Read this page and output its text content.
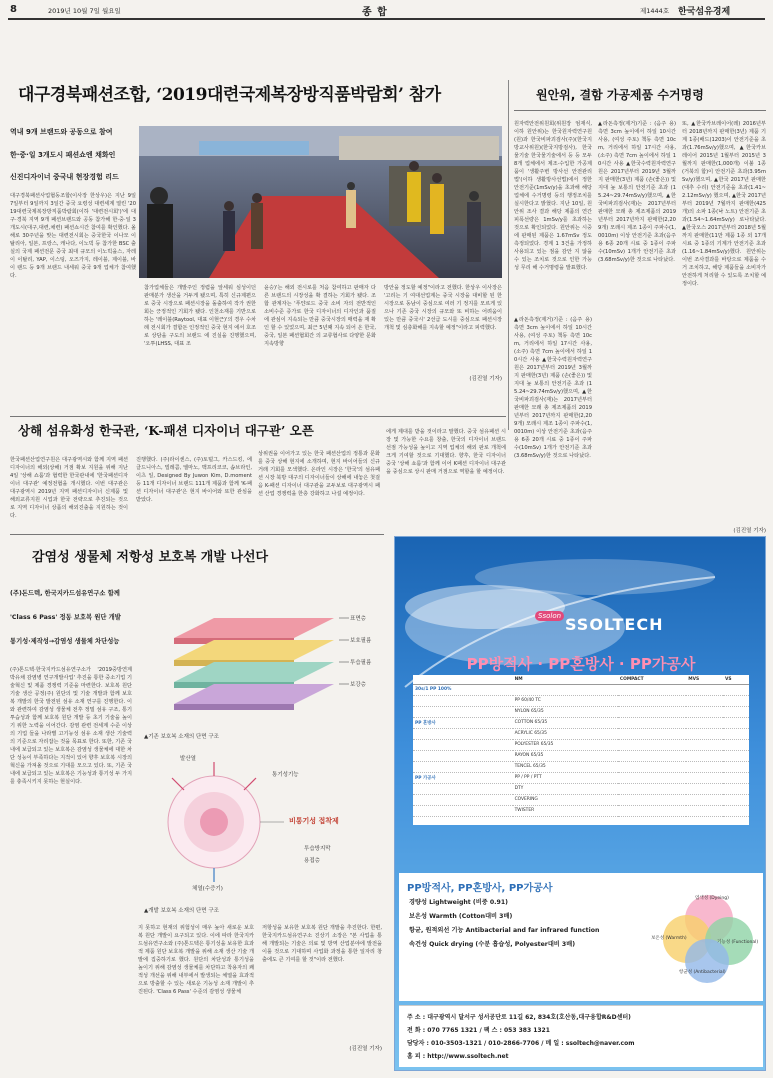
8	2019년 10월 7일 월요일	종 합	제1444호 한국섬유경제
대구경북패션조합, ‘2019대련국제복장방직품박람회’ 참가
역내 9개 브랜드와 공동으로 참여
한·중·일 3개도시 패션쇼엔 채화인
신진디자이너 중국내 현장경험 리드
대구경북패션사업협동조합(이사장 한상우)은 지난 9일 7일부터 9일까지 3일간 중국 요령성 대련세계 열린 '2019대련국제복장방직품박람회(이하 '대련전시회')'에 대구·경북 지역 9개 패션브랜드와 공동 참가해 한·중·일 3개도시(대구,대련,채련) 패션쇼시간 참여를 확인했다. 올해로 30주년을 맞는 대련전시회는 중국한국 이나모 이탈리아, 일본, 프랑스, 캐나다, 이노빅 등 참가한 BSC 출실의 국제 패션전문 중국 최대 규모의 이노빅을스, 자레이 이탈리, YAP, 이스팅, 오즈가지, 레이블, 제이블, 바이 랜드 등 9개 브랜드 내세워 중국 9개 업체가 참여했다.
참가업체들은 개발주인 정렴을 앞세워 심성이던 판매분가 생산을 거두게 됐으며, 특히 신규제편으로 중국 시장으로 패션시장을 돌출하여 작가 권한 회는 긍정적인 기회가 됐다. 인천소재를 기반으로 하는 '레이블(Raytool, 대표 이현근)'의 경우 수차례 전시회가 결합돈 인정적인 중국 현지 에서 호조로 상담을 구도의 브랜드 에 진실을 진행했으며, '오투(LHSS, 대표 조
윤승)'는 해외 전시로를 처음 참여하고 판매자 다른 브랜드의 시장성을 확 결하는 기회가 됐다. 조합 관계자는 '푸얀로드 중국 소비 자의 전반적인 소비수준 증가로 한국 디자이너의 디자인과 품질에 관심이 지속되는 만큼 중국시장의 매력을 재 확인 할 수 있었으며, 최근 5년째 지속 되어 온 한국, 중국, 일본 패션협회간 의 교류협사로 다양한 문화 지속방향
방안을 정도할 예정"이라고 전했다. 한상우 이사장은 '고리는 기 여대선업계는 중국 시장을 대비할 된 한 시장으로 동남이 중심으로 여러 기 정지를 모르게 있으나 기존 중국 시장의 규모와 또 비하는 어려움이 있는 만큼 중국시' 2선급 도시를 중심으로 패션시장 개척 및 심층화해를 지속할 예정"이라고 피력했다.
(김진열 기자)
원안위, 결함 가공제품 수거명령
원자력안전위원회(위원장 엄재식, 이하 원안위)는 한국원자력연구원(원)과 한국비파괴검사(주)(한국지방교사위원)(한국지방검사), 한국물기술 한국물기술에서 등 등 모두 8개 업체에서 제조·수입한 가공제품이 '생활주변 방사선 안전관리법'(이하 생활방사선법)에서 정한 안전기준(1mSv/y)을 초과해 해당 업체에 수거명령 등의 행정조치를 실시한다고 밝혔다. 지난 10일, 원안위 조사 결과 해당 제품의 연간피폭선량은 1mSv/y를 초과하는 것으로 확인되었다. 원안위는 시중에 판매된 제품은 1.67mSv 정도 측정되었다. 경계 1 3건을 가정하 사용되고 있는 점을 감안 지 않을 수 있는 조치로 것으로 인한 가능성 무리 해 수거명령을 발표했다.
▲라돈측정(제거)기준 : (음주 용) 측면 3cm 높이에서 하일 10시간 사용, (여성 주토) 책동 측면 10cm, 거리에서 하일 17시간 사용, (소주) 측면 7cm 높이에서 하일 10시간 사용 ▲한국수력원자력연구원은 2017년부터 2019년 3월까지 판매한(3년) 제품 (손(좋은)) 및 지대 높 보통의 안전기준 초과 (15.24~29.74mSv/y)했으며, ▲한국비파괴검사(재)는 2017년부터 판매한 모래 총 제조제품의 2019년부터 2017년까지 판매한(2,209개) 모래시 제조 1종이 주파수(1,0010m) 이상 안전기준 초과(음주용 6종 20개 시료 중 1종이 주파수(10mSv) 1개가 안전기준 초과(3.68mSv/y)한 것으로 나타났다.
또, ▲한국카브레이어(레) 2016년부터 2018년까지 판매한(3년) 제품 기계 1종(배드(1203)이 안전기준을 초과(1.76mSv/y)했으며, ▲한국카브레이어 2015년 1월부터 2015년 3월까지 판매한(1,000개) 이불 1종(거북의 합)이 안전기준 초과(3.95mSv/y)했으며, ▲한국 2017년 판매한(대추 수리) 안전기준을 초과(1.41~2.12mSv/y) 했으며, ▲한국 2017년부터 2019년 7월까지 판매한(425개)의 소파 1종(낙 노트) 안전기준 초과(1.54~1.64mSv/y) 로나타났다. ▲한국오스 2017년부터 2018년 5월까지 판매한(11만 제품 1종 외 17개 시료 중 1종의 기계가 안전기준 초과(1.16~1.84mSv/y)했다. 원안위는 이번 조사결과를 바탕으로 제품을 수거 조치하고, 해당 제품들을 소비자가 안전하게 처리할 수 있도록 조치할 예정이다.
▲라돈측정(제거)기준 : (음주 용) 측면 3cm 높이에서 하일 10시간 사용, (여성 주토) 책동 측면 10cm, 거리에서 하일 17시간 사용, (소주) 측면 7cm 높이에서 하일 10시간 사용 ▲한국수력원자력연구원은 2017년부터 2019년 3월까지 판매한(3년) 제품 (손(좋은)) 및 지대 높 보통의 안전기준 초과 (15.24~29.74mSv/y)했으며, ▲한국비파괴검사(재)는 2017년부터 판매한 모래 총 제조제품의 2019년부터 2017년까지 판매한(2,209개) 모래시 제조 1종이 주파수(1,0010m) 이상 안전기준 초과(음주용 6종 20개 시료 중 1종이 주파수(10mSv) 1개가 안전기준 초과(3.68mSv/y)한 것으로 나타났다.
(김진열 기자)
상해 섬유화성 한국관, ‘K-패션 디자이너 대구관’ 오픈
한국패션산업연구원은 대구광역시와 함께 지역 패션디자이너의 해외(상해) 거점 확보 지원을 위해 지난 4일 '상해 쇼룸'과 협력한 한국관내에 '한국패션디자이너 대구관' 예정전협을 개시했다. 이번 대구관은 대구광역시 2019년 지역 패션디자이너 신제품 및 해외교류지원 시업과 한국 전략으로 추진되는 것으로 지역 디자이너 상품의 해외진출을 지원하는 것이다.
진행했다. (주)라이센스, (주)토털그, 카스드킹, 에클드니아스, 빌레콤, 엘마노, 맥프리코코, 솜브라인, 이츠 일, Designed By Juwon Kim, D.moment 등 11개 디자이너 브랜드 111개 제품과 함께 'K-패션 디자이너 대구관'은 현지 바이어와 또한 관심을 받았다.
상위권을 이어가고 있는 한국 패션산업의 정통과 문화를 중국 상해 현지에 소개하며, 현지 바이어들의 신규 거래 기회를 모색했다. 온라인 시장은 '한국'의 섬유패션 시장 북방 대구의 디자이너들이 상해에 내놓은 첫걸음 K-패션 디자이너 대구관을 교두보로 대구광역시 패션 산업 경쟁력을 한층 강화하고 나설 예정이다.
에게 제대를 받을 것이라고 말했다. 중국 섬유패션 시장 및 가능한 수요를 창출, 한국의 디자이너 브랜드 선점 가능성을 높이고 지역 업체의 해외 판로 개척에 크게 기여할 것으로 기대했다. 향후, 한국 디자이너 중국 '상해 쇼룸'과 함께 이어 K패션 디자이너 대구관을 중심으로 상시 판매 거점으로 역할을 할 예정이다.
감염성 생물체 저항성 보호복 개발 나선다
(주)돈드텍, 한국지카드섬유연구소 함께
'Class 6 Pass' 정동 보호복 원단 개발
통기성·제작성→감염성 생물체 차단성능
(주)톤드텍·한국지카드섬유연구소가 '2019중방연계 박유채 감염병 연구개발사업' 추진을 통한 중소기업 기술혁신 및 제품 경쟁력 기준을 마련한다. 보호복 원단 기술 생산 공정(주) 원단의 및 기술 개발과 함께 보호복 개발의 한국 발전된 섬유 소재 연구를 진행한다. 이와 관련하여 감염성 생물체 전후 정밀 섬유 구조, 통기 투습성과 함께 보호복 원단 개발 등 초기 기술을 높이기 위한 노력을 이어간다. 감염 관련 전세계 수준 이상의 기업 들을 나라별 고기능성 섬유 소재 생산 기술력의 기준으로 자리잡는 것을 목표로 한다. 또한, 기존 국내에 보급되고 있는 보호복은 감염성 생물체에 대한 차단 성능이 부족하다는 지적이 있어 향후 보호복 시장의 혁신을 가져올 것으로 기대를 모으고 있다. 또, 기존 국내에 보급되고 있는 보호복은 기능성과 통기성 두 가지를 충족시키지 못하는 현실이다.
표면층
보호필름
투습필름
보강층
▲기존 보호복 소재의 단면 구조
통기성기능
비통기성 접착제
투습방지막
용접층
체열(수증기)
발산열
▲개발 보호복 소재의 단면 구조
지 못하고 현재의 위험성이 매우 높아 새로운 보호복 원단 개발이 요구되고 있다. 이에 따라 한국지카드섬유연구소와 (주)톤드텍은 통기성을 보유한 효과적 제품 원단 보호복 개발을 위해 소재 생산 기술 개발에 집중하기로 했다. 원단의 차단성과 통기성을 높이기 위해 감염성 생물체를 차단하고 착용자의 쾌적성 개선을 위해 내부에서 발생되는 체열을 효과적으로 방출할 수 있는 새로운 기능성 소재 개발이 추진된다. 'Class 6 Pass' 수준의 감염성 생물체
저항성을 보유한 보호복 원단 개발을 추진한다. 한편, 한국지카드섬유연구소 진상기 소장은 "본 사업을 통해 개발되는 기술은 의료 및 방역 산업분야에 발전을 이룰 것으로 기대하며 사업화 과정을 통한 일자리 창출에도 큰 기여를 할 것"이라 전했다.
(김진열 기자)
Ssolon SSOLTECH
PP방적사 · PP혼방사 · PP가공사
	NM	COMPACT	MVS	VS
30s/1 PP 100%				
	PP 60/40 TC			
	NYLON 65/35			
PP 혼방사	COTTON 65/35			
	ACRYLIC 65/35			
	POLYESTER 65/35			
	RAYON 65/35			
	TENCEL 65/35			
PP 가공사	PP / PP / PTT			
	DTY			
	COVERING			
	TWISTER			
PP방적사, PP혼방사, PP가공사
경량성 Lightweight (비중 0.91)
보온성 Warmth (Cotton대비 3배)
항균, 원적외선 기능 Antibacterial and far infrared function
속건성 Quick drying (수분 흡습성, Polyester대비 3배)
염색성 (Dyeing)
보온성 (Warmth)
항균성 (Antibacterial)
기능성 (Functional)
주 소 : 대구광역시 달서구 성서공단로 11길 62, 834호(호산동,대구융합R&D센터)
전 화 : 070 7765 1321 / 팩 스 : 053 383 1321
담당자 : 010-3503-1321 / 010-2866-7706 / 메 일 : ssoltech@naver.com
홈 피 : http://www.ssoltech.net
